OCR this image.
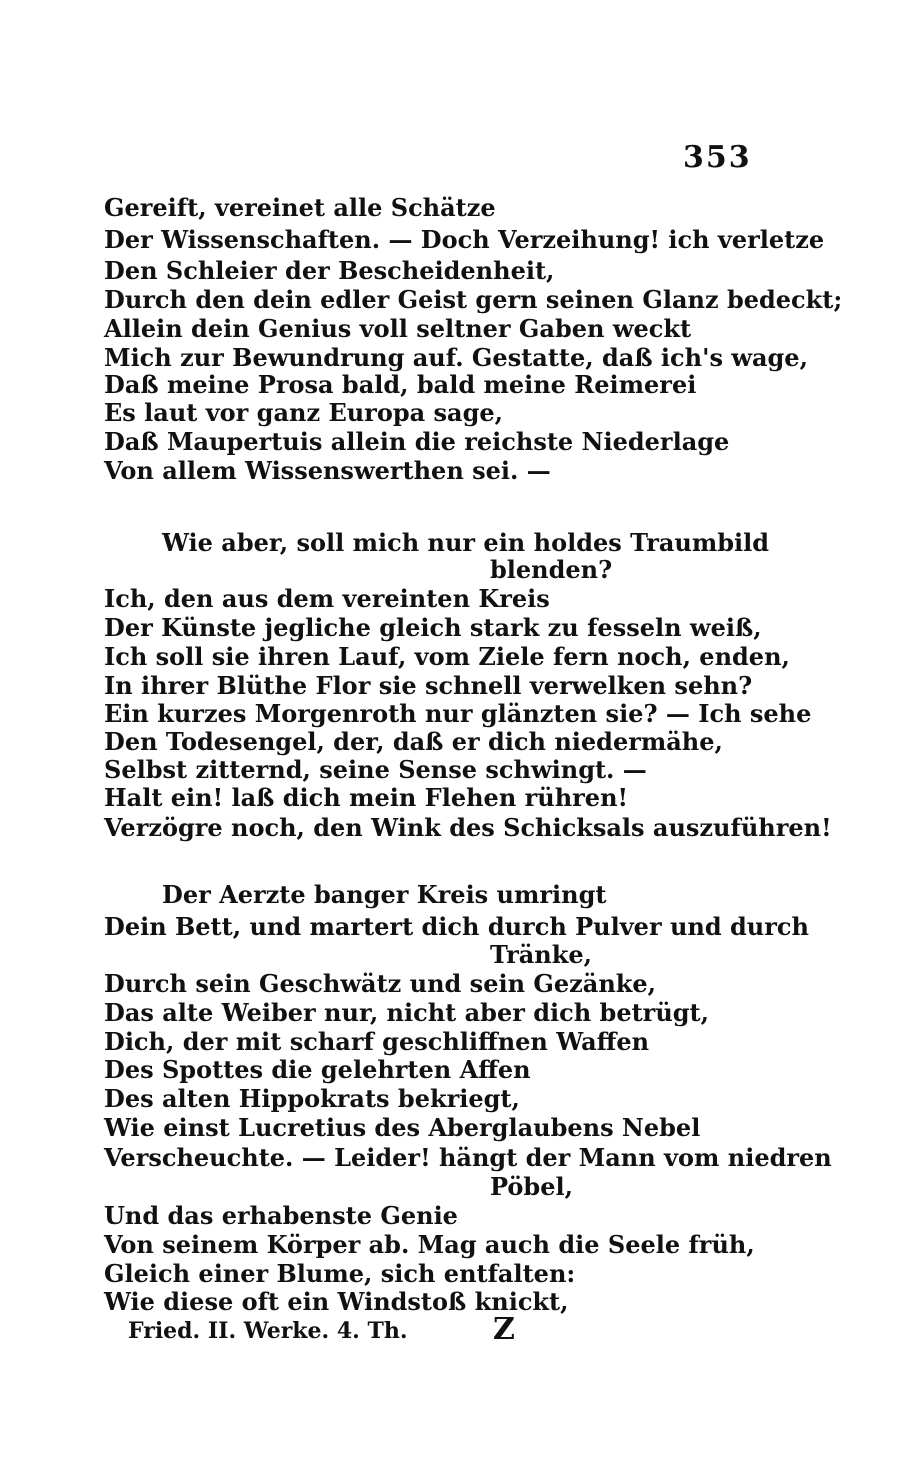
353
Gereift, vereinet alle Schätze
Der Wissenschaften. — Doch Verzeihung! ich verletze
Den Schleier der Bescheidenheit,
Durch den dein edler Geist gern seinen Glanz bedeckt;
Allein dein Genius voll seltner Gaben weckt
Mich zur Bewundrung auf. Gestatte, daß ich's wage,
Daß meine Prosa bald, bald meine Reimerei
Es laut vor ganz Europa sage,
Daß Maupertuis allein die reichste Niederlage
Von allem Wissenswerthen sei. —
Wie aber, soll mich nur ein holdes Traumbild
blenden?
Ich, den aus dem vereinten Kreis
Der Künste jegliche gleich stark zu fesseln weiß,
Ich soll sie ihren Lauf, vom Ziele fern noch, enden,
In ihrer Blüthe Flor sie schnell verwelken sehn?
Ein kurzes Morgenroth nur glänzten sie? — Ich sehe
Den Todesengel, der, daß er dich niedermähe,
Selbst zitternd, seine Sense schwingt. —
Halt ein! laß dich mein Flehen rühren!
Verzögre noch, den Wink des Schicksals auszuführen!
Der Aerzte banger Kreis umringt
Dein Bett, und martert dich durch Pulver und durch
Tränke,
Durch sein Geschwätz und sein Gezänke,
Das alte Weiber nur, nicht aber dich betrügt,
Dich, der mit scharf geschliffnen Waffen
Des Spottes die gelehrten Affen
Des alten Hippokrats bekriegt,
Wie einst Lucretius des Aberglaubens Nebel
Verscheuchte. — Leider! hängt der Mann vom niedren
Pöbel,
Und das erhabenste Genie
Von seinem Körper ab. Mag auch die Seele früh,
Gleich einer Blume, sich entfalten:
Wie diese oft ein Windstoß knickt,
Fried. II. Werke. 4. Th.	Z
